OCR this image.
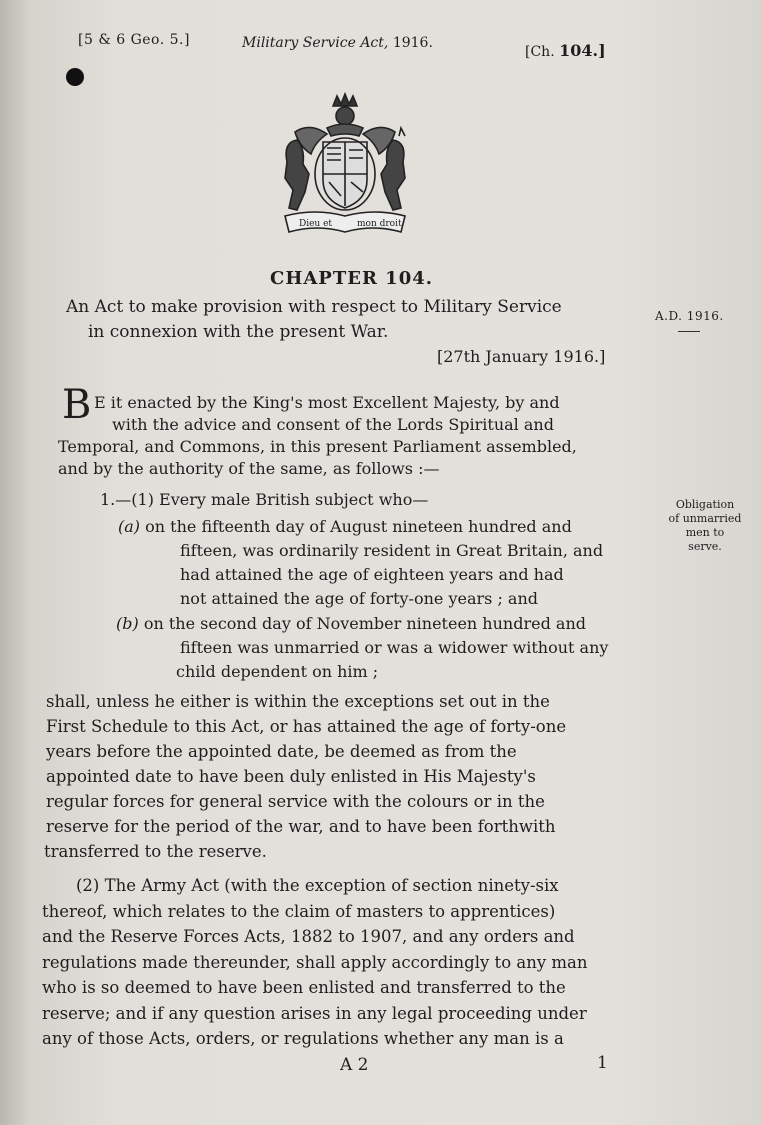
[5 & 6 Geo. 5.]	Military Service Act, 1916.
[Ch. 104.]
Dieu et	mon droit
CHAPTER 104.
An Act to make provision with respect to Military Service
in connexion with the present War.
A.D. 1916.
[27th January 1916.]
B E it enacted by the King's most Excellent Majesty, by and
with the advice and consent of the Lords Spiritual and
Temporal, and Commons, in this present Parliament assembled,
and by the authority of the same, as follows :—
1.—(1) Every male British subject who—
(a) on the fifteenth day of August nineteen hundred and
fifteen, was ordinarily resident in Great Britain, and
had attained the age of eighteen years and had
not attained the age of forty-one years ; and
(b) on the second day of November nineteen hundred and
fifteen was unmarried or was a widower without any
child dependent on him ;
Obligation
of unmarried
men to
serve.
shall, unless he either is within the exceptions set out in the
First Schedule to this Act, or has attained the age of forty-one
years before the appointed date, be deemed as from the
appointed date to have been duly enlisted in His Majesty's
regular forces for general service with the colours or in the
reserve for the period of the war, and to have been forthwith
transferred to the reserve.
(2) The Army Act (with the exception of section ninety-six
thereof, which relates to the claim of masters to apprentices)
and the Reserve Forces Acts, 1882 to 1907, and any orders and
regulations made thereunder, shall apply accordingly to any man
who is so deemed to have been enlisted and transferred to the
reserve; and if any question arises in any legal proceeding under
any of those Acts, orders, or regulations whether any man is a
A 2	1
